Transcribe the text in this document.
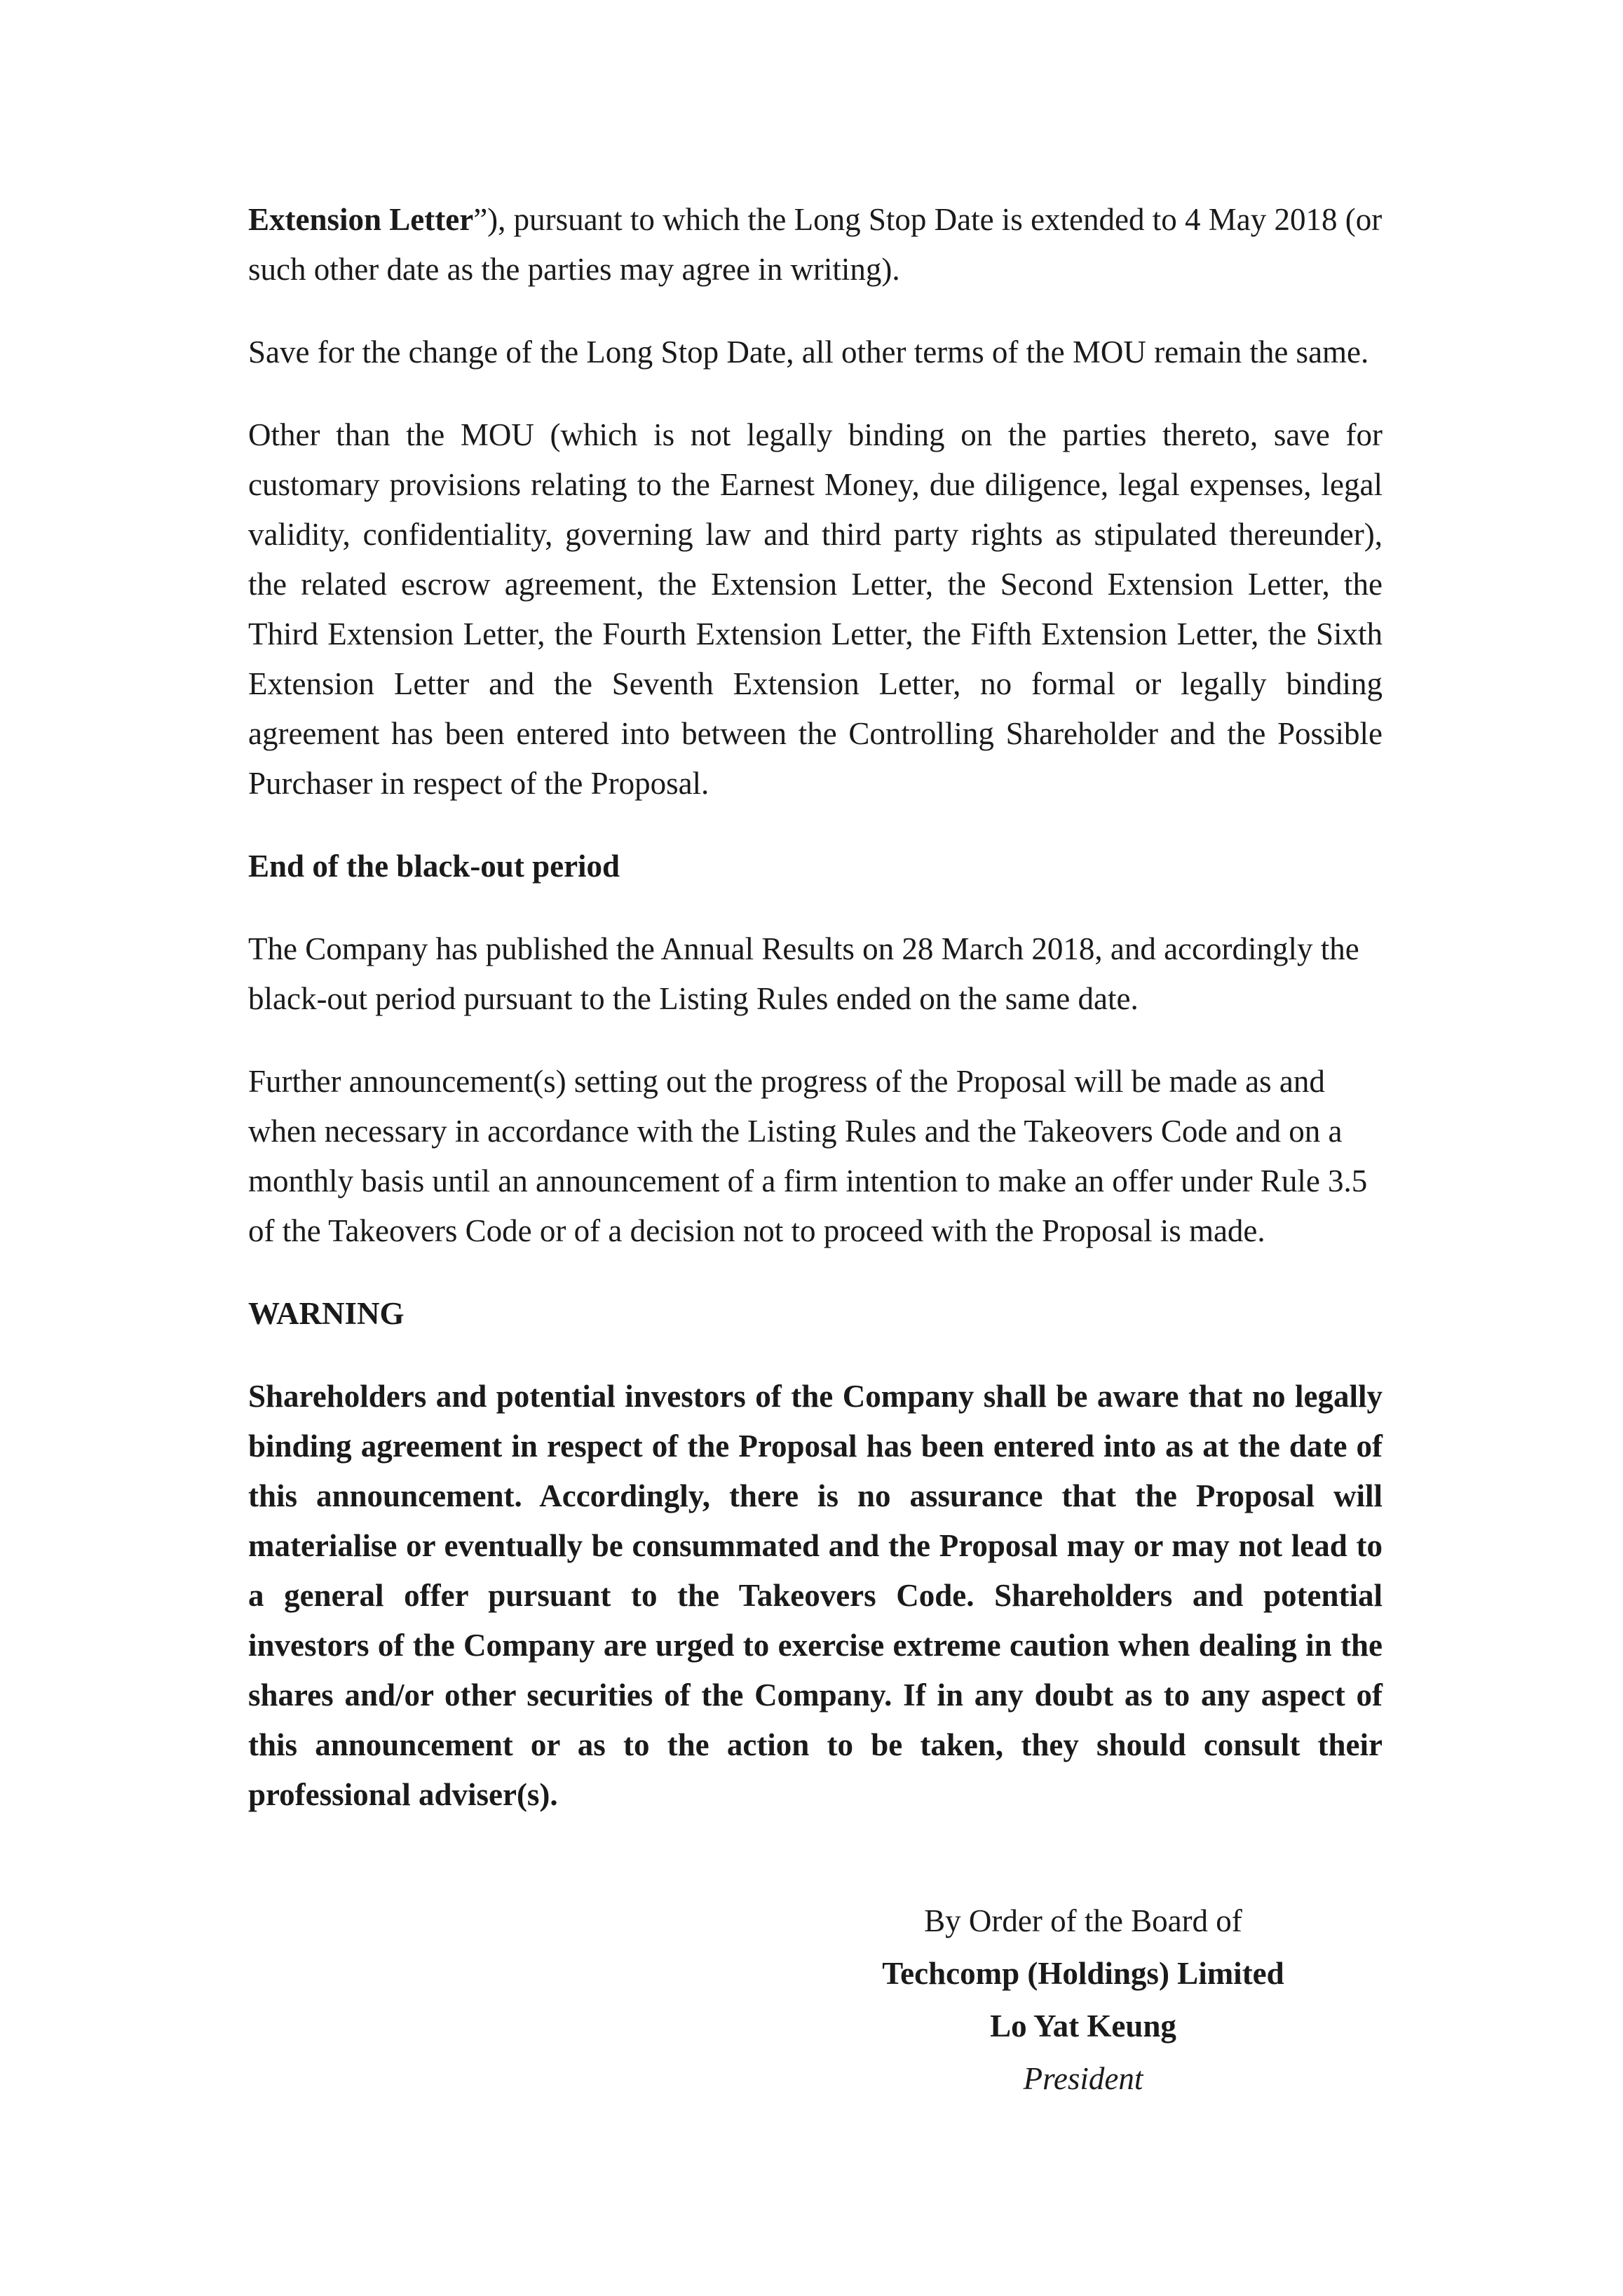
Extension Letter”), pursuant to which the Long Stop Date is extended to 4 May 2018 (or such other date as the parties may agree in writing).

Save for the change of the Long Stop Date, all other terms of the MOU remain the same.

Other than the MOU (which is not legally binding on the parties thereto, save for customary provisions relating to the Earnest Money, due diligence, legal expenses, legal validity, confidentiality, governing law and third party rights as stipulated thereunder), the related escrow agreement, the Extension Letter, the Second Extension Letter, the Third Extension Letter, the Fourth Extension Letter, the Fifth Extension Letter, the Sixth Extension Letter and the Seventh Extension Letter, no formal or legally binding agreement has been entered into between the Controlling Shareholder and the Possible Purchaser in respect of the Proposal.

End of the black-out period

The Company has published the Annual Results on 28 March 2018, and accordingly the black-out period pursuant to the Listing Rules ended on the same date.

Further announcement(s) setting out the progress of the Proposal will be made as and when necessary in accordance with the Listing Rules and the Takeovers Code and on a monthly basis until an announcement of a firm intention to make an offer under Rule 3.5 of the Takeovers Code or of a decision not to proceed with the Proposal is made.

WARNING

Shareholders and potential investors of the Company shall be aware that no legally binding agreement in respect of the Proposal has been entered into as at the date of this announcement. Accordingly, there is no assurance that the Proposal will materialise or eventually be consummated and the Proposal may or may not lead to a general offer pursuant to the Takeovers Code. Shareholders and potential investors of the Company are urged to exercise extreme caution when dealing in the shares and/or other securities of the Company. If in any doubt as to any aspect of this announcement or as to the action to be taken, they should consult their professional adviser(s).

By Order of the Board of
Techcomp (Holdings) Limited
Lo Yat Keung
President
